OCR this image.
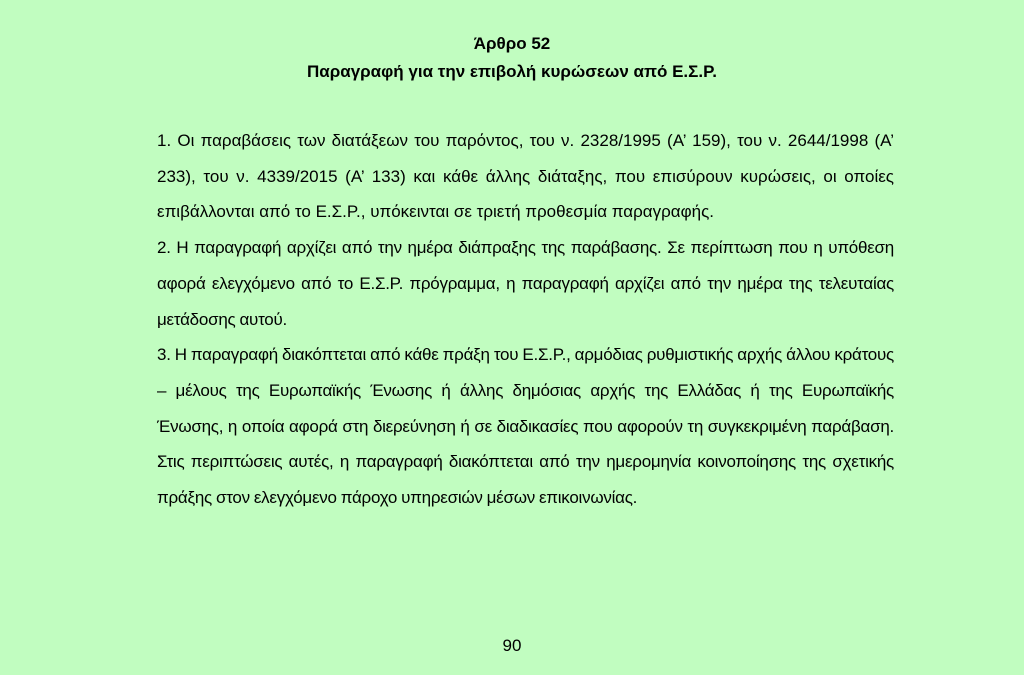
Άρθρο 52
Παραγραφή για την επιβολή κυρώσεων από Ε.Σ.Ρ.

1. Οι παραβάσεις των διατάξεων του παρόντος, του ν. 2328/1995 (Α’ 159), του ν. 2644/1998 (Α’ 233), του ν. 4339/2015 (Α’ 133) και κάθε άλλης διάταξης, που επισύρουν κυρώσεις, οι οποίες επιβάλλονται από το Ε.Σ.Ρ., υπόκεινται σε τριετή προθεσμία παραγραφής.

2. Η παραγραφή αρχίζει από την ημέρα διάπραξης της παράβασης. Σε περίπτωση που η υπόθεση αφορά ελεγχόμενο από το Ε.Σ.Ρ. πρόγραμμα, η παραγραφή αρχίζει από την ημέρα της τελευταίας μετάδοσης αυτού.

3. Η παραγραφή διακόπτεται από κάθε πράξη του Ε.Σ.Ρ., αρμόδιας ρυθμιστικής αρχής άλλου κράτους – μέλους της Ευρωπαϊκής Ένωσης ή άλλης δημόσιας αρχής της Ελλάδας ή της Ευρωπαϊκής Ένωσης, η οποία αφορά στη διερεύνηση ή σε διαδικασίες που αφορούν τη συγκεκριμένη παράβαση. Στις περιπτώσεις αυτές, η παραγραφή διακόπτεται από την ημερομηνία κοινοποίησης της σχετικής πράξης στον ελεγχόμενο πάροχο υπηρεσιών μέσων επικοινωνίας.

90
